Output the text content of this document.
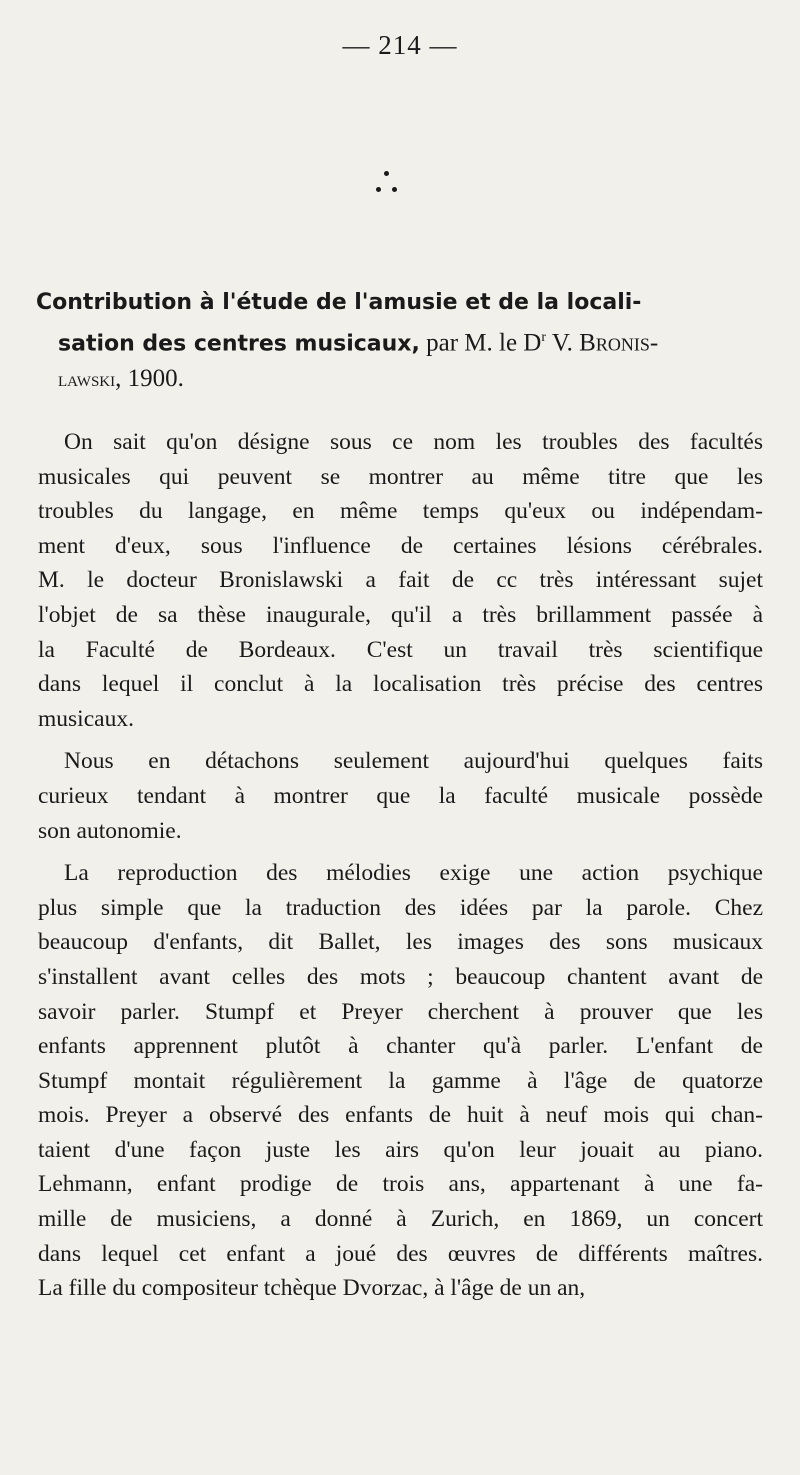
— 214 —
Contribution à l'étude de l'amusie et de la locali-
sation des centres musicaux, par M. le $D^r$ V. Bronis-
lawski, 1900.
On sait qu'on désigne sous ce nom les troubles des facultés
musicales qui peuvent se montrer au même titre que les
troubles du langage, en même temps qu'eux ou indépendam-
ment d'eux, sous l'influence de certaines lésions cérébrales.
M. le docteur Bronislawski a fait de cc très intéressant sujet
l'objet de sa thèse inaugurale, qu'il a très brillamment passée à
la Faculté de Bordeaux. C'est un travail très scientifique
dans lequel il conclut à la localisation très précise des centres
musicaux.
Nous en détachons seulement aujourd'hui quelques faits
curieux tendant à montrer que la faculté musicale possède
son autonomie.
La reproduction des mélodies exige une action psychique
plus simple que la traduction des idées par la parole. Chez
beaucoup d'enfants, dit Ballet, les images des sons musicaux
s'installent avant celles des mots ; beaucoup chantent avant de
savoir parler. Stumpf et Preyer cherchent à prouver que les
enfants apprennent plutôt à chanter qu'à parler. L'enfant de
Stumpf montait régulièrement la gamme à l'âge de quatorze
mois. Preyer a observé des enfants de huit à neuf mois qui chan-
taient d'une façon juste les airs qu'on leur jouait au piano.
Lehmann, enfant prodige de trois ans, appartenant à une fa-
mille de musiciens, a donné à Zurich, en 1869, un concert
dans lequel cet enfant a joué des œuvres de différents maîtres.
La fille du compositeur tchèque Dvorzac, à l'âge de un an,
